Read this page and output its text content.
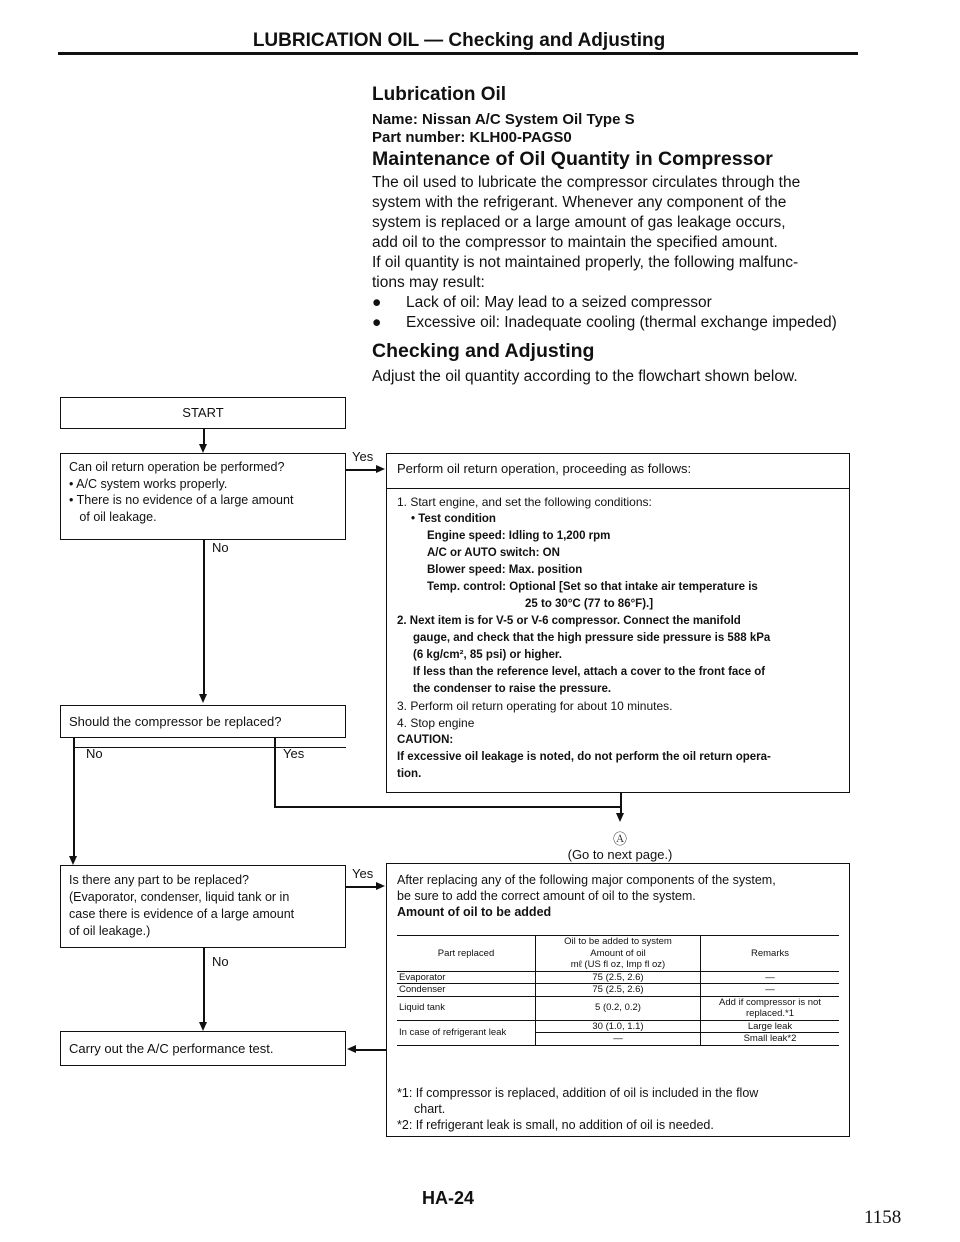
LUBRICATION OIL — Checking and Adjusting
Lubrication Oil
Name: Nissan A/C System Oil Type S
Part number: KLH00-PAGS0
Maintenance of Oil Quantity in Compressor
The oil used to lubricate the compressor circulates through the
system with the refrigerant. Whenever any component of the
system is replaced or a large amount of gas leakage occurs,
add oil to the compressor to maintain the specified amount.
If oil quantity is not maintained properly, the following malfunc-
tions may result:
● Lack of oil: May lead to a seized compressor
● Excessive oil: Inadequate cooling (thermal exchange impeded)
Checking and Adjusting
Adjust the oil quantity according to the flowchart shown below.
START
Can oil return operation be performed?
• A/C system works properly.
• There is no evidence of a large amount
of oil leakage.
Yes
No
Perform oil return operation, proceeding as follows:
1. Start engine, and set the following conditions:
• Test condition
Engine speed: Idling to 1,200 rpm
A/C or AUTO switch: ON
Blower speed: Max. position
Temp. control: Optional [Set so that intake air temperature is
25 to 30°C (77 to 86°F).]
2. Next item is for V-5 or V-6 compressor. Connect the manifold
gauge, and check that the high pressure side pressure is 588 kPa
(6 kg/cm², 85 psi) or higher.
If less than the reference level, attach a cover to the front face of
the condenser to raise the pressure.
3. Perform oil return operating for about 10 minutes.
4. Stop engine
CAUTION:
If excessive oil leakage is noted, do not perform the oil return opera-
tion.
Should the compressor be replaced?
No	Yes
Ⓐ
(Go to next page.)
Is there any part to be replaced?
(Evaporator, condenser, liquid tank or in
case there is evidence of a large amount
of oil leakage.)
Yes
No
After replacing any of the following major components of the system,
be sure to add the correct amount of oil to the system.
Amount of oil to be added
Part replaced	Oil to be added to system	Remarks
	Amount of oil	
	mℓ (US fl oz, Imp fl oz)	
Evaporator	75 (2.5, 2.6)	—
Condenser	75 (2.5, 2.6)	—
Liquid tank	5 (0.2, 0.2)	Add if compressor is not
		replaced.*1
In case of refrigerant leak	30 (1.0, 1.1)	Large leak
	—	Small leak*2
*1: If compressor is replaced, addition of oil is included in the flow
chart.
*2: If refrigerant leak is small, no addition of oil is needed.
Carry out the A/C performance test.
HA-24
1158
